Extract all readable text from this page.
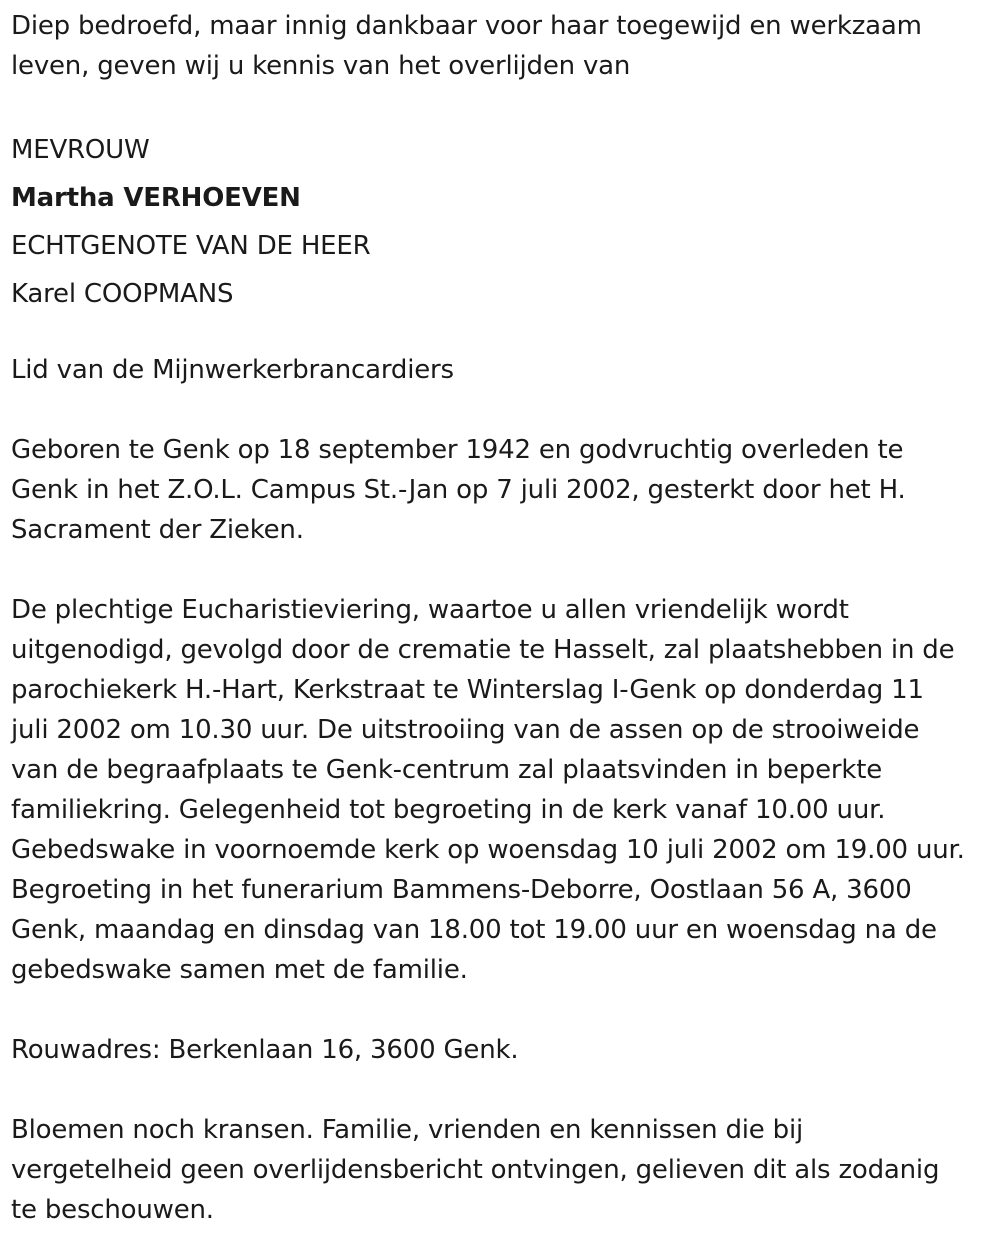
Diep bedroefd, maar innig dankbaar voor haar toegewijd en werkzaam

leven, geven wij u kennis van het overlijden van

MEVROUW

Martha VERHOEVEN

ECHTGENOTE VAN DE HEER

Karel COOPMANS

Lid van de Mijnwerkerbrancardiers

Geboren te Genk op 18 september 1942 en godvruchtig overleden te

Genk in het Z.O.L. Campus St.-Jan op 7 juli 2002, gesterkt door het H.

Sacrament der Zieken.

De plechtige Eucharistieviering, waartoe u allen vriendelijk wordt

uitgenodigd, gevolgd door de crematie te Hasselt, zal plaatshebben in de

parochiekerk H.-Hart, Kerkstraat te Winterslag I-Genk op donderdag 11

juli 2002 om 10.30 uur. De uitstrooiing van de assen op de strooiweide

van de begraafplaats te Genk-centrum zal plaatsvinden in beperkte

familiekring. Gelegenheid tot begroeting in de kerk vanaf 10.00 uur.

Gebedswake in voornoemde kerk op woensdag 10 juli 2002 om 19.00 uur.

Begroeting in het funerarium Bammens-Deborre, Oostlaan 56 A, 3600

Genk, maandag en dinsdag van 18.00 tot 19.00 uur en woensdag na de

gebedswake samen met de familie.

Rouwadres: Berkenlaan 16, 3600 Genk.

Bloemen noch kransen. Familie, vrienden en kennissen die bij

vergetelheid geen overlijdensbericht ontvingen, gelieven dit als zodanig

te beschouwen.
